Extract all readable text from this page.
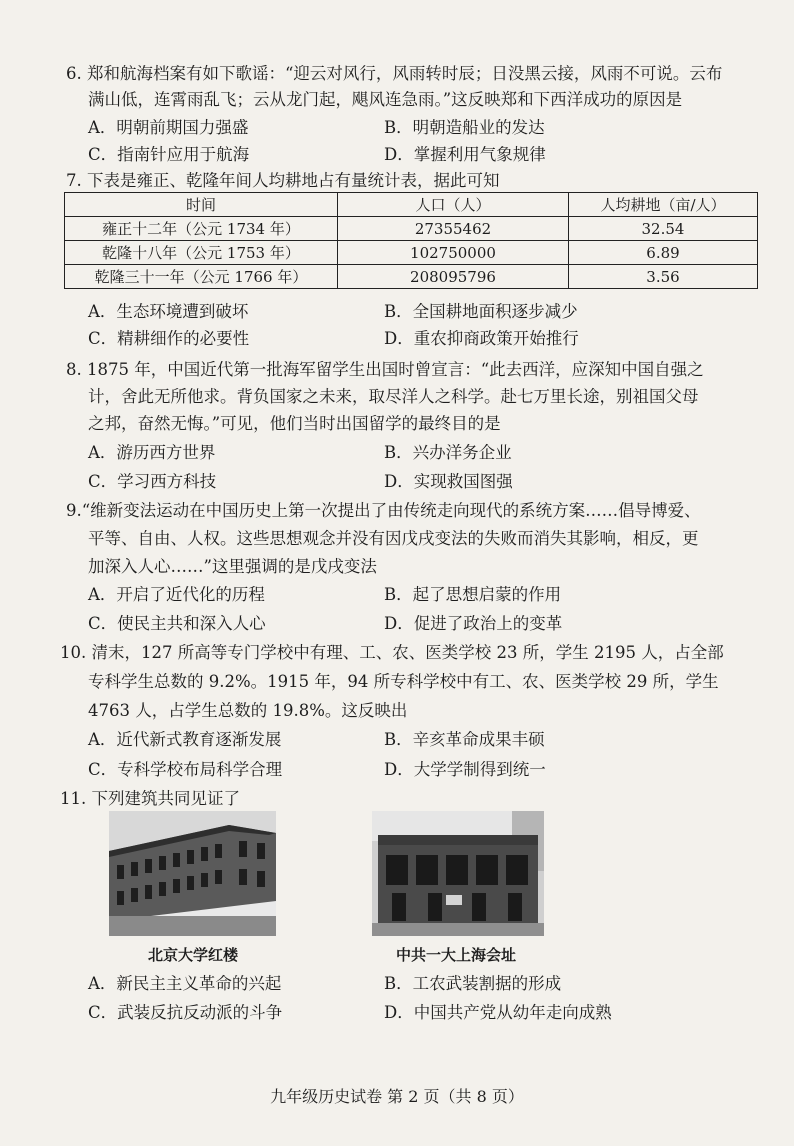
6. 郑和航海档案有如下歌谣：“迎云对风行，风雨转时辰；日没黑云接，风雨不可说。云布
满山低，连霄雨乱飞；云从龙门起，飓风连急雨。”这反映郑和下西洋成功的原因是
A．明朝前期国力强盛	B．明朝造船业的发达
C．指南针应用于航海	D．掌握利用气象规律
7. 下表是雍正、乾隆年间人均耕地占有量统计表，据此可知
时间	人口（人）	人均耕地（亩/人）
雍正十二年（公元 1734 年）	27355462	32.54
乾隆十八年（公元 1753 年）	102750000	6.89
乾隆三十一年（公元 1766 年）	208095796	3.56
A．生态环境遭到破坏	B．全国耕地面积逐步减少
C．精耕细作的必要性	D．重农抑商政策开始推行
8. 1875 年，中国近代第一批海军留学生出国时曾宣言：“此去西洋，应深知中国自强之
计，舍此无所他求。背负国家之未来，取尽洋人之科学。赴七万里长途，别祖国父母
之邦，奋然无悔。”可见，他们当时出国留学的最终目的是
A．游历西方世界	B．兴办洋务企业
C．学习西方科技	D．实现救国图强
9.“维新变法运动在中国历史上第一次提出了由传统走向现代的系统方案……倡导博爱、
平等、自由、人权。这些思想观念并没有因戊戌变法的失败而消失其影响，相反，更
加深入人心……”这里强调的是戊戌变法
A．开启了近代化的历程	B．起了思想启蒙的作用
C．使民主共和深入人心	D．促进了政治上的变革
10. 清末，127 所高等专门学校中有理、工、农、医类学校 23 所，学生 2195 人，占全部
专科学生总数的 9.2%。1915 年，94 所专科学校中有工、农、医类学校 29 所，学生
4763 人，占学生总数的 19.8%。这反映出
A．近代新式教育逐渐发展	B．辛亥革命成果丰硕
C．专科学校布局科学合理	D．大学学制得到统一
11. 下列建筑共同见证了
北京大学红楼	中共一大上海会址
A．新民主主义革命的兴起	B．工农武装割据的形成
C．武装反抗反动派的斗争	D．中国共产党从幼年走向成熟
九年级历史试卷 第 2 页（共 8 页）
